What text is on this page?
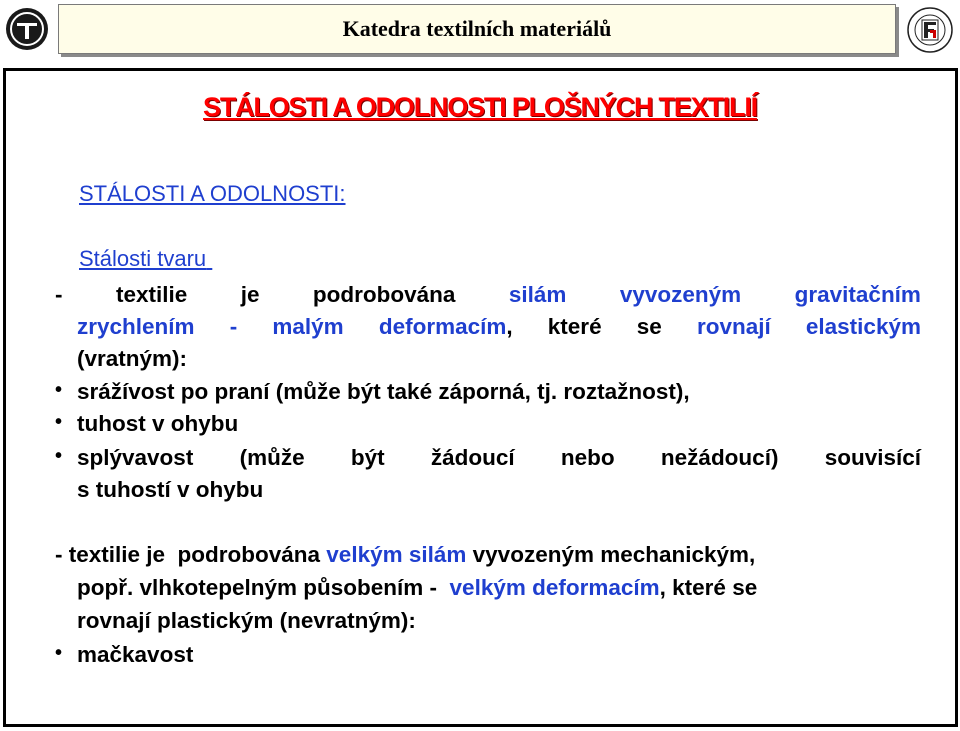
Katedra textilních materiálů
STÁLOSTI A ODOLNOSTI PLOŠNÝCH TEXTILIÍ
STÁLOSTI A ODOLNOSTI:
Stálosti tvaru
- textilie je podrobována silám vyvozeným gravitačním
zrychlením - malým deformacím, které se rovnají elastickým
(vratným):
• srážívost po praní (může být také záporná, tj. roztažnost),
• tuhost v ohybu
• splývavost (může být žádoucí nebo nežádoucí) souvisící
s tuhostí v ohybu
- textilie je  podrobována velkým silám vyvozeným mechanickým,
popř. vlhkotepelným působením -  velkým deformacím, které se
rovnají plastickým (nevratným):
• mačkavost
